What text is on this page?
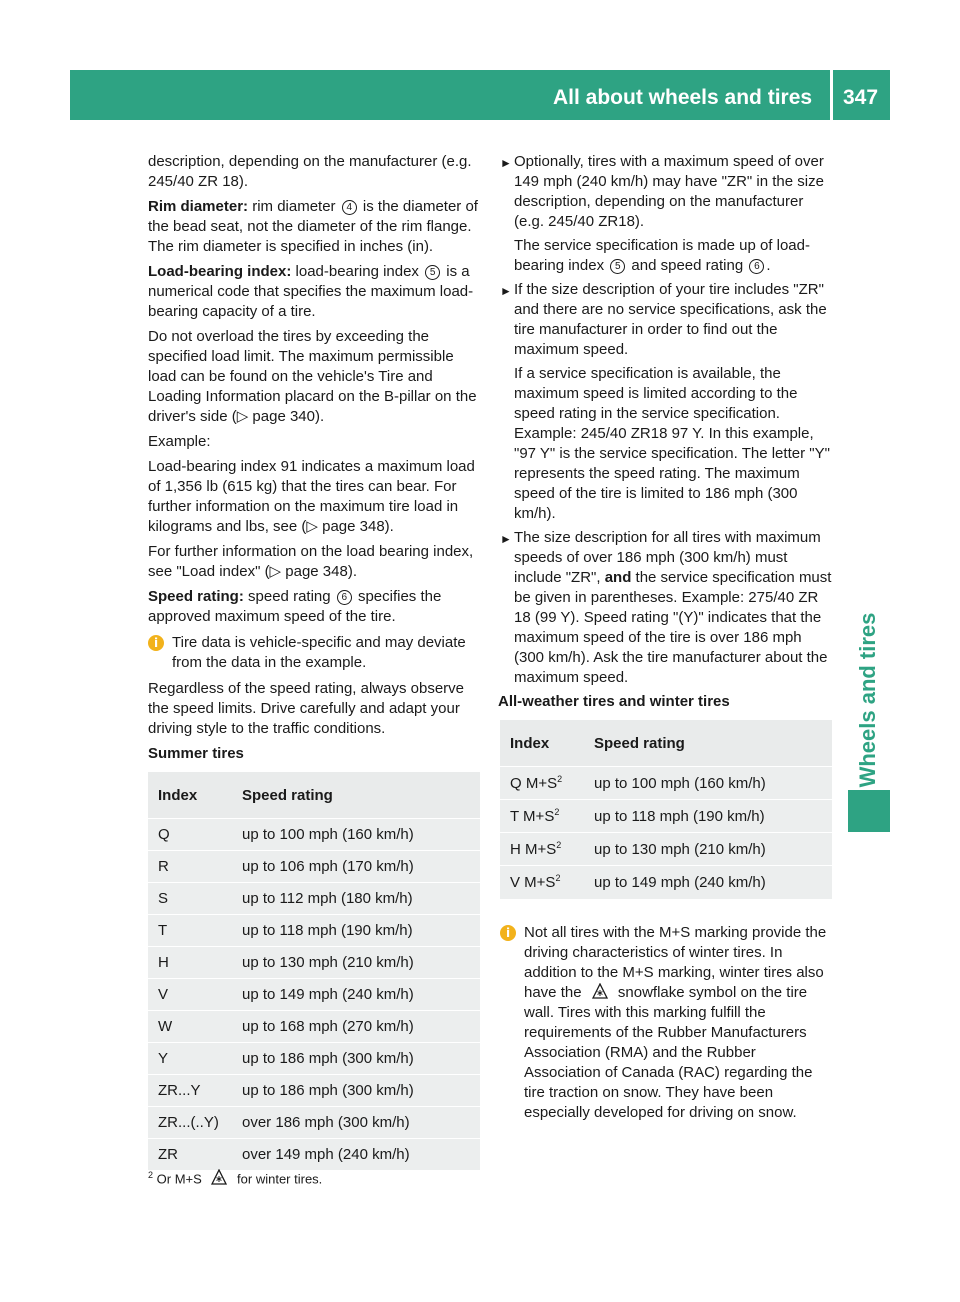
All about wheels and tires 347
Wheels and tires

description, depending on the manufacturer (e.g. 245/40 ZR 18).

Rim diameter: rim diameter 4 is the diameter of the bead seat, not the diameter of the rim flange. The rim diameter is specified in inches (in).

Load-bearing index: load-bearing index 5 is a numerical code that specifies the maximum load-bearing capacity of a tire.

Do not overload the tires by exceeding the specified load limit. The maximum permissible load can be found on the vehicle's Tire and Loading Information placard on the B-pillar on the driver's side (▷ page 340).

Example:

Load-bearing index 91 indicates a maximum load of 1,356 lb (615 kg) that the tires can bear. For further information on the maximum tire load in kilograms and lbs, see (▷ page 348).

For further information on the load bearing index, see "Load index" (▷ page 348).

Speed rating: speed rating 6 specifies the approved maximum speed of the tire.

i Tire data is vehicle-specific and may deviate from the data in the example.

Regardless of the speed rating, always observe the speed limits. Drive carefully and adapt your driving style to the traffic conditions.

Summer tires

Index	Speed rating
Q	up to 100 mph (160 km/h)
R	up to 106 mph (170 km/h)
S	up to 112 mph (180 km/h)
T	up to 118 mph (190 km/h)
H	up to 130 mph (210 km/h)
V	up to 149 mph (240 km/h)
W	up to 168 mph (270 km/h)
Y	up to 186 mph (300 km/h)
ZR...Y	up to 186 mph (300 km/h)
ZR...(..Y)	over 186 mph (300 km/h)
ZR	over 149 mph (240 km/h)
► Optionally, tires with a maximum speed of over 149 mph (240 km/h) may have "ZR" in the size description, depending on the manufacturer (e.g. 245/40 ZR18).
The service specification is made up of load-bearing index 5 and speed rating 6 .
► If the size description of your tire includes "ZR" and there are no service specifications, ask the tire manufacturer in order to find out the maximum speed.
If a service specification is available, the maximum speed is limited according to the speed rating in the service specification. Example: 245/40 ZR18 97 Y. In this example, "97 Y" is the service specification. The letter "Y" represents the speed rating. The maximum speed of the tire is limited to 186 mph (300 km/h).
► The size description for all tires with maximum speeds of over 186 mph (300 km/h) must include "ZR", and the service specification must be given in parentheses. Example: 275/40 ZR 18 (99 Y). Speed rating "(Y)" indicates that the maximum speed of the tire is over 186 mph (300 km/h). Ask the tire manufacturer about the maximum speed.

All-weather tires and winter tires

Index	Speed rating
Q $M+S^2$	up to 100 mph (160 km/h)
T $M+S^2$	up to 118 mph (190 km/h)
H $M+S^2$	up to 130 mph (210 km/h)
V $M+S^2$	up to 149 mph (240 km/h)
i Not all tires with the M+S marking provide the driving characteristics of winter tires. In addition to the M+S marking, winter tires also have the snowflake symbol on the tire wall. Tires with this marking fulfill the requirements of the Rubber Manufacturers Association (RMA) and the Rubber Association of Canada (RAC) regarding the tire traction on snow. They have been especially developed for driving on snow.
$^2$ Or M+S	for winter tires.
